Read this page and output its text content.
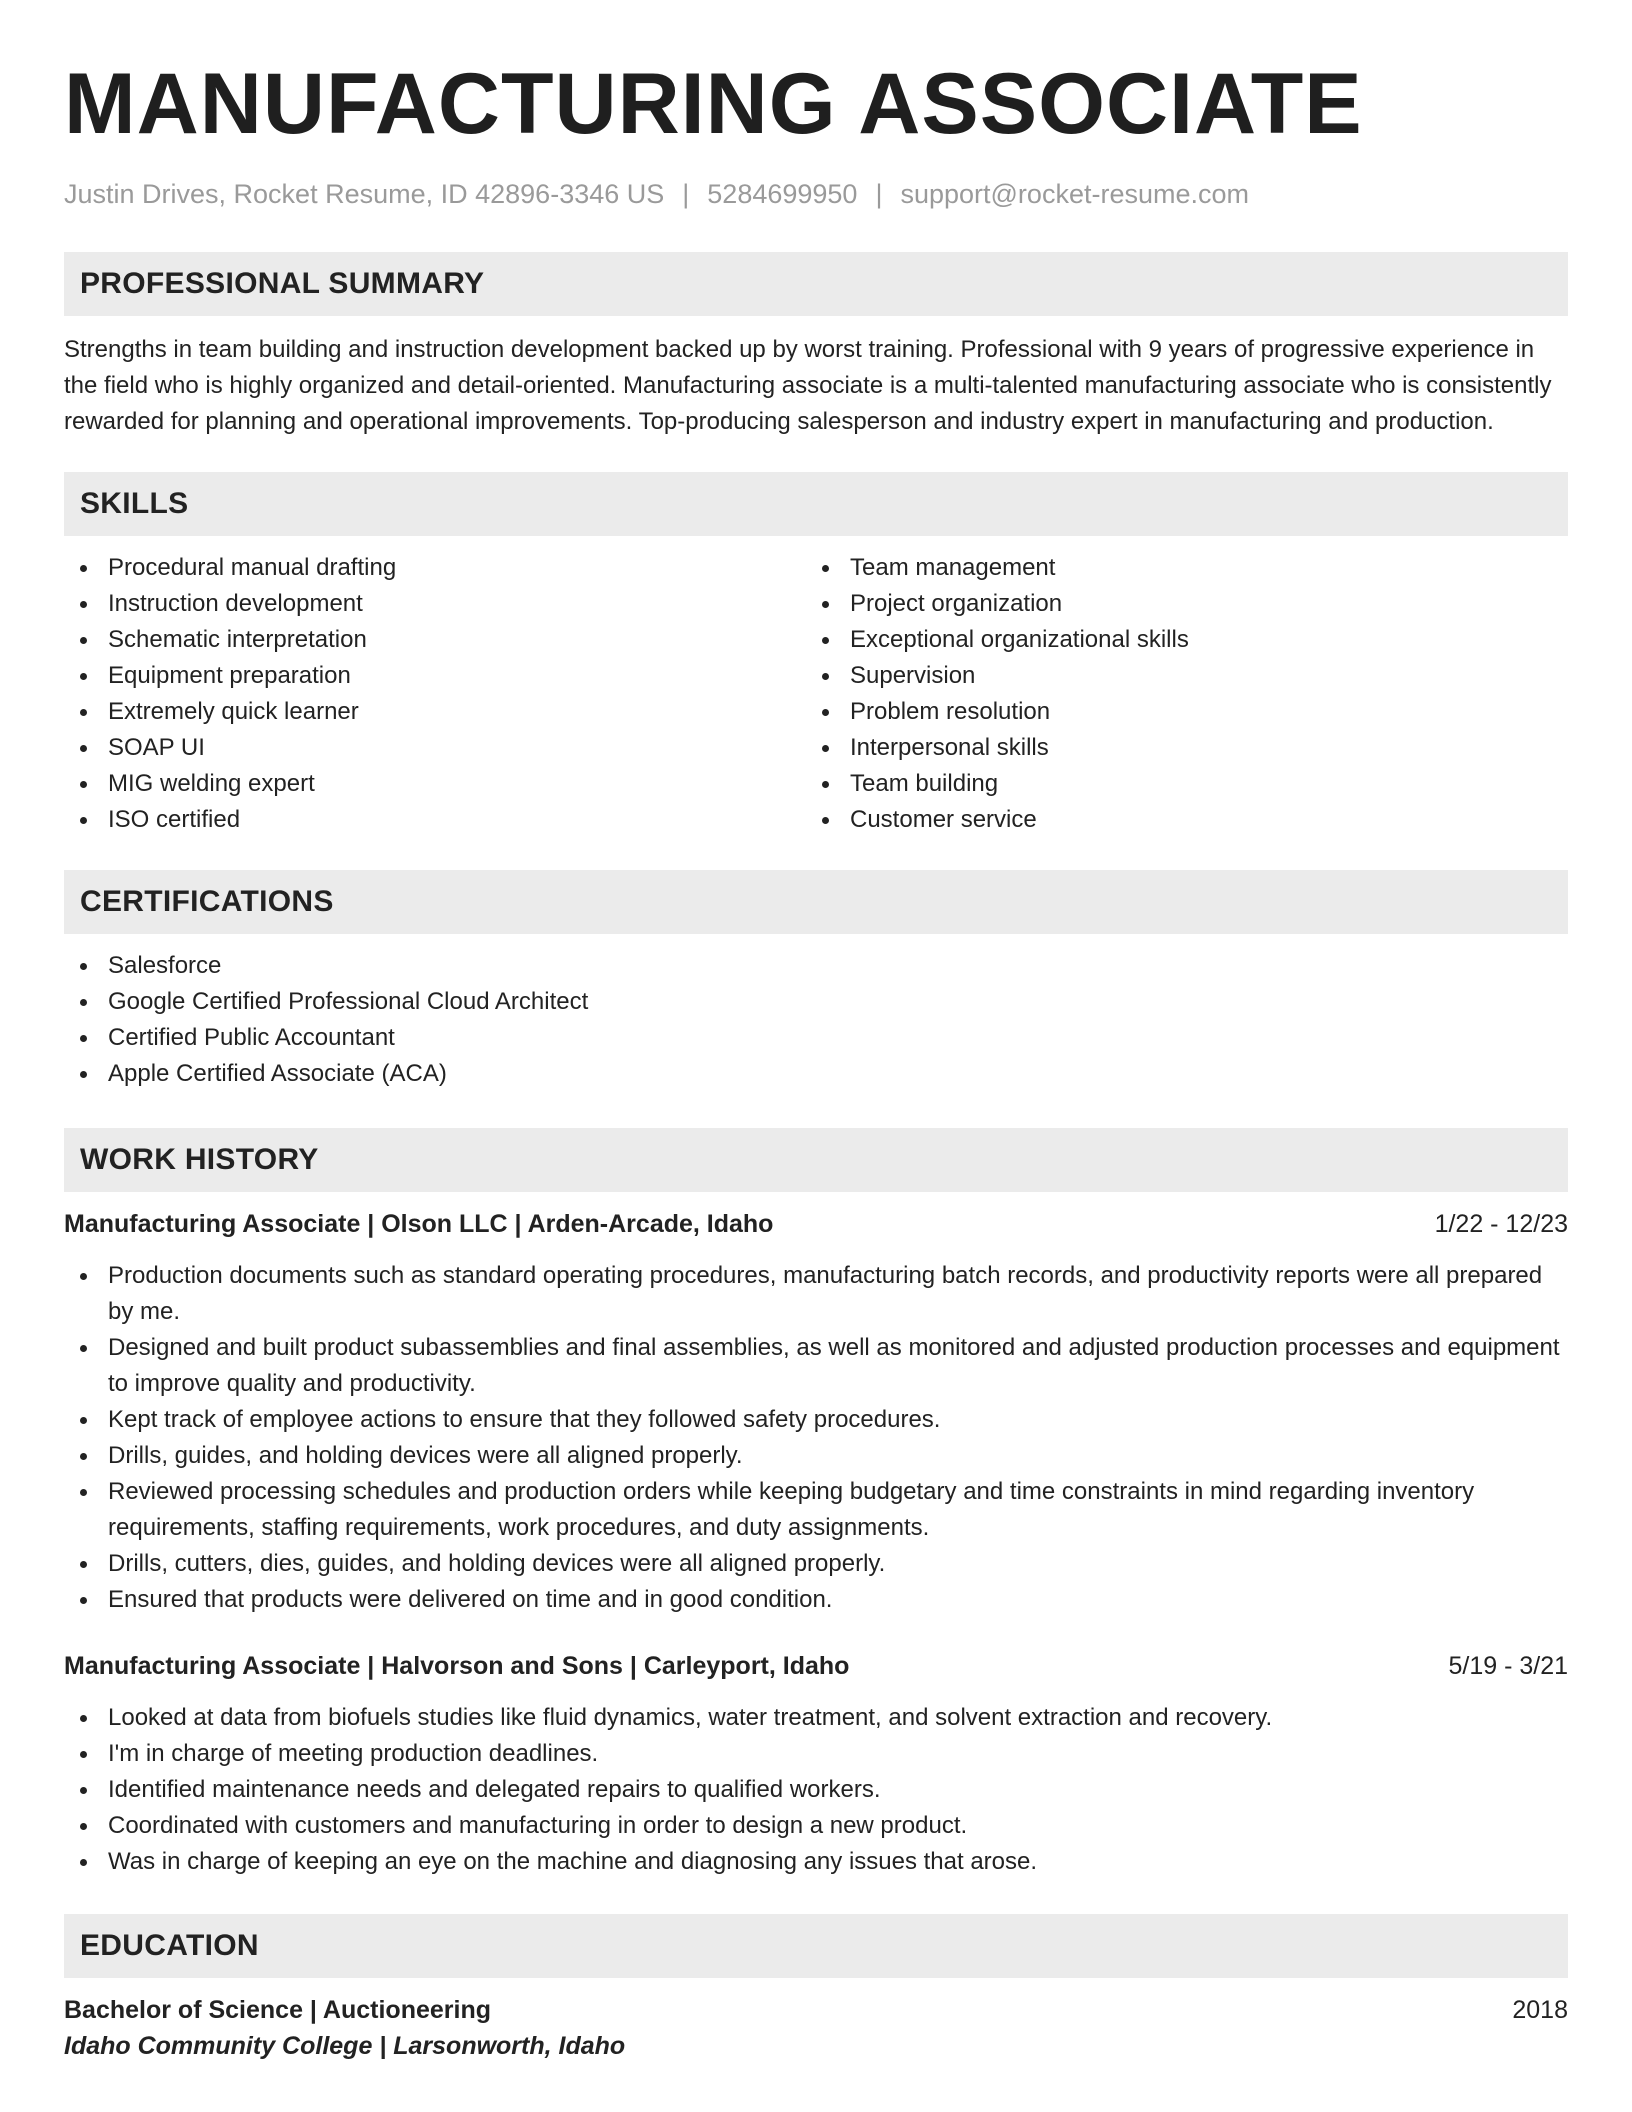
MANUFACTURING ASSOCIATE
Justin Drives, Rocket Resume, ID 42896-3346 US | 5284699950 | support@rocket-resume.com
PROFESSIONAL SUMMARY

Strengths in team building and instruction development backed up by worst training. Professional with 9 years of progressive experience in the field who is highly organized and detail-oriented. Manufacturing associate is a multi-talented manufacturing associate who is consistently rewarded for planning and operational improvements. Top-producing salesperson and industry expert in manufacturing and production.

SKILLS
Procedural manual drafting
Instruction development
Schematic interpretation
Equipment preparation
Extremely quick learner
SOAP UI
MIG welding expert
ISO certified
Team management
Project organization
Exceptional organizational skills
Supervision
Problem resolution
Interpersonal skills
Team building
Customer service
CERTIFICATIONS
Salesforce
Google Certified Professional Cloud Architect
Certified Public Accountant
Apple Certified Associate (ACA)
WORK HISTORY
Manufacturing Associate | Olson LLC | Arden-Arcade, Idaho	1/22 - 12/23
Production documents such as standard operating procedures, manufacturing batch records, and productivity reports were all prepared by me.
Designed and built product subassemblies and final assemblies, as well as monitored and adjusted production processes and equipment to improve quality and productivity.
Kept track of employee actions to ensure that they followed safety procedures.
Drills, guides, and holding devices were all aligned properly.
Reviewed processing schedules and production orders while keeping budgetary and time constraints in mind regarding inventory requirements, staffing requirements, work procedures, and duty assignments.
Drills, cutters, dies, guides, and holding devices were all aligned properly.
Ensured that products were delivered on time and in good condition.
Manufacturing Associate | Halvorson and Sons | Carleyport, Idaho	5/19 - 3/21
Looked at data from biofuels studies like fluid dynamics, water treatment, and solvent extraction and recovery.
I'm in charge of meeting production deadlines.
Identified maintenance needs and delegated repairs to qualified workers.
Coordinated with customers and manufacturing in order to design a new product.
Was in charge of keeping an eye on the machine and diagnosing any issues that arose.
EDUCATION
Bachelor of Science | Auctioneering	2018
Idaho Community College | Larsonworth, Idaho
